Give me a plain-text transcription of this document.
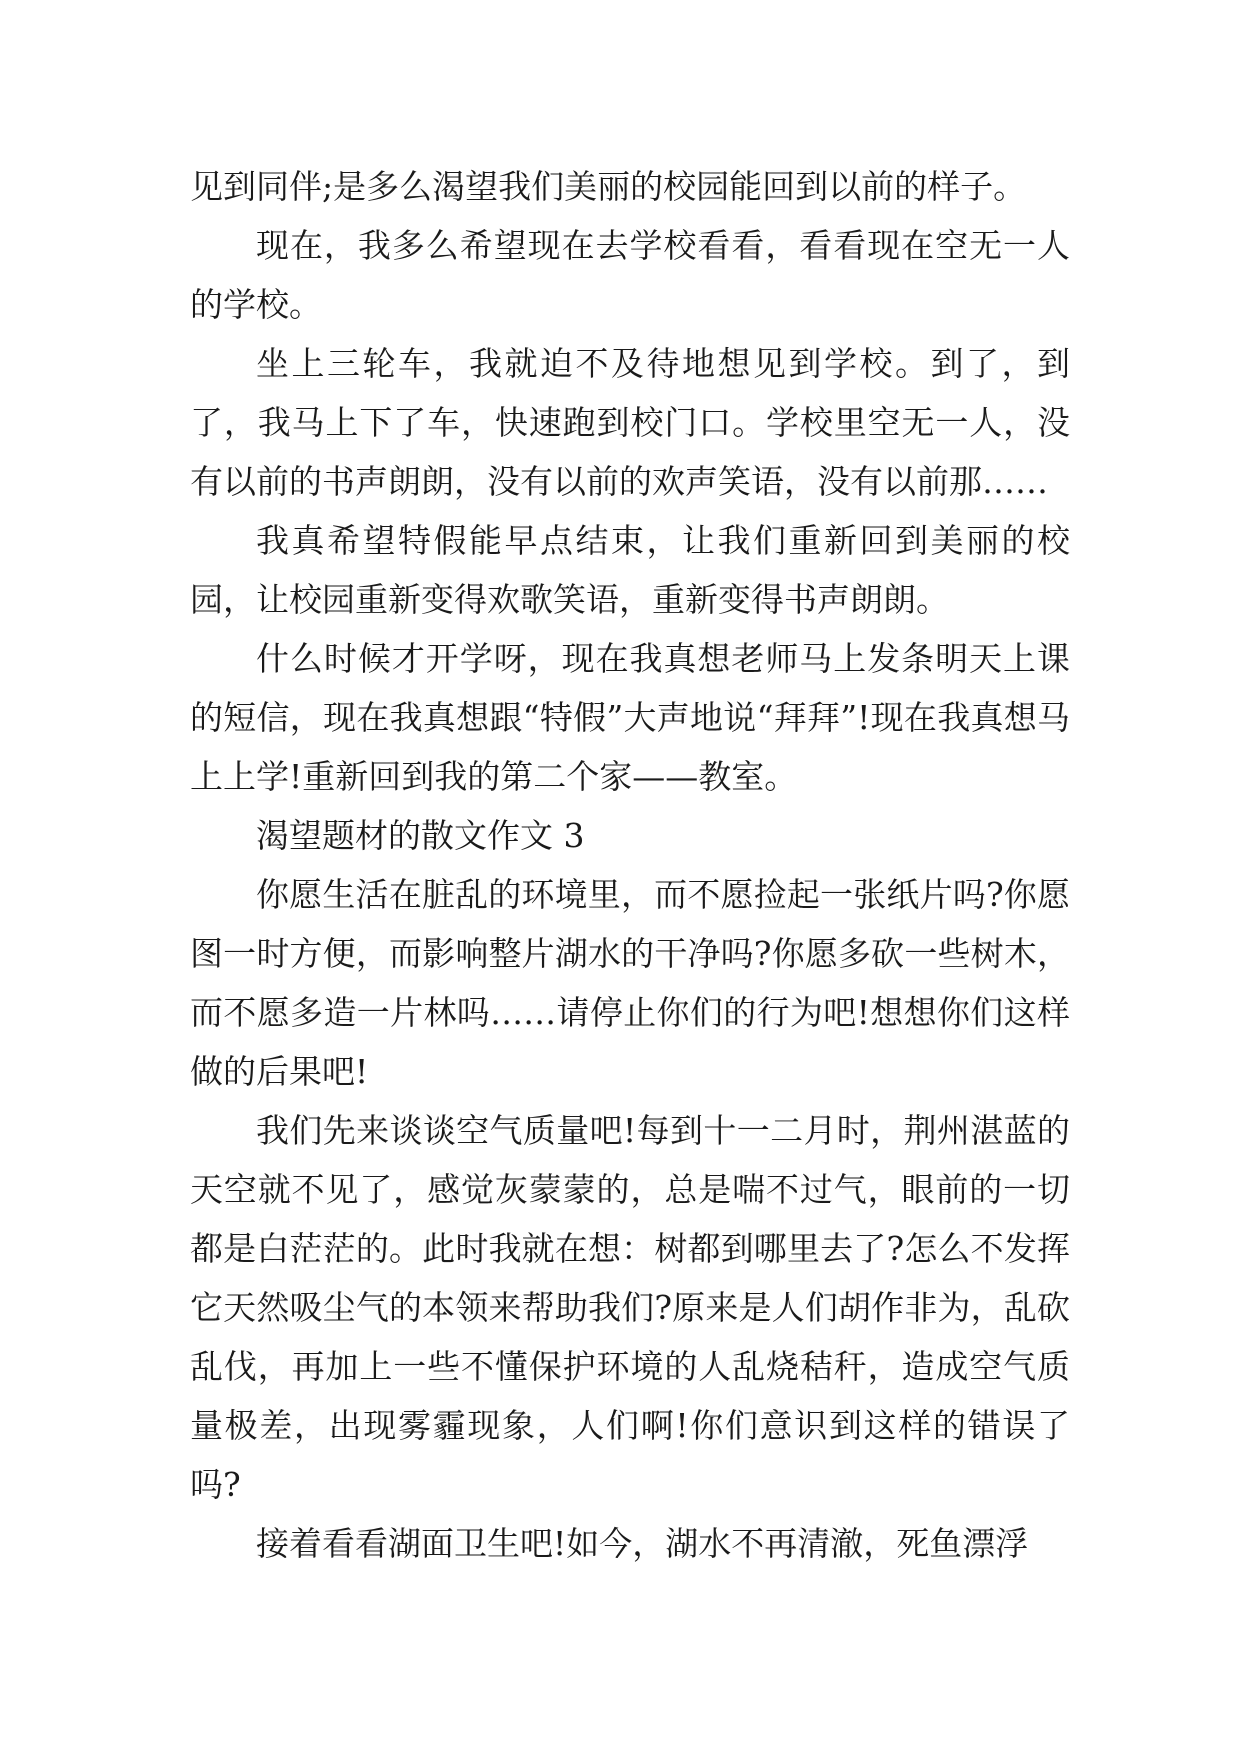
见到同伴;是多么渴望我们美丽的校园能回到以前的样子。

现在，我多么希望现在去学校看看，看看现在空无一人的学校。

坐上三轮车，我就迫不及待地想见到学校。到了，到了，我马上下了车，快速跑到校门口。学校里空无一人，没有以前的书声朗朗，没有以前的欢声笑语，没有以前那……

我真希望特假能早点结束，让我们重新回到美丽的校园，让校园重新变得欢歌笑语，重新变得书声朗朗。

什么时候才开学呀，现在我真想老师马上发条明天上课的短信，现在我真想跟“特假”大声地说“拜拜”!现在我真想马上上学!重新回到我的第二个家——教室。

渴望题材的散文作文 3

你愿生活在脏乱的环境里，而不愿捡起一张纸片吗?你愿图一时方便，而影响整片湖水的干净吗?你愿多砍一些树木，而不愿多造一片林吗……请停止你们的行为吧!想想你们这样做的后果吧!

我们先来谈谈空气质量吧!每到十一二月时，荆州湛蓝的天空就不见了，感觉灰蒙蒙的，总是喘不过气，眼前的一切都是白茫茫的。此时我就在想：树都到哪里去了?怎么不发挥它天然吸尘气的本领来帮助我们?原来是人们胡作非为，乱砍乱伐，再加上一些不懂保护环境的人乱烧秸秆，造成空气质量极差，出现雾霾现象，人们啊!你们意识到这样的错误了吗?

接着看看湖面卫生吧!如今，湖水不再清澈，死鱼漂浮
